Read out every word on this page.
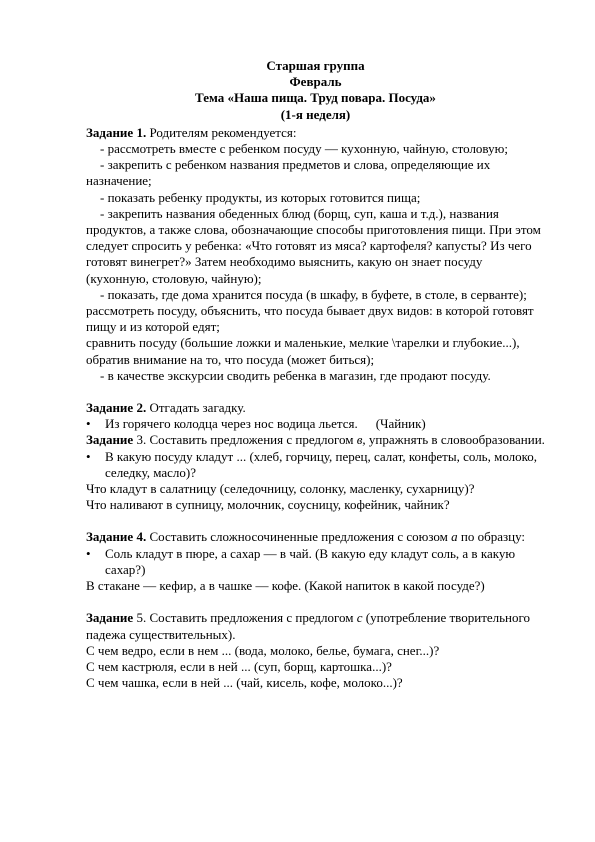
Старшая группа

Февраль

Тема «Наша пища. Труд повара. Посуда»

(1-я неделя)

Задание 1. Родителям рекомендуется:

- рассмотреть вместе с ребенком посуду — кухонную, чайную, столовую;

- закрепить с ребенком названия предметов и слова, определяющие их назначение;

- показать ребенку продукты, из которых готовится пища;

- закрепить названия обеденных блюд (борщ, суп, каша и т.д.), названия продуктов, а также слова, обозначающие способы приготовления пищи. При этом следует спросить у ребенка: «Что готовят из мяса? картофеля? капусты? Из чего готовят винегрет?» Затем необходимо выяснить, какую он знает посуду (кухонную, столовую, чайную);

- показать, где дома хранится посуда (в шкафу, в буфете, в столе, в серванте);

рассмотреть посуду, объяснить, что посуда бывает двух видов: в которой готовят пищу и из которой едят;

сравнить посуду (большие ложки и маленькие, мелкие \тарелки и глубокие...), обратив внимание на то, что посуда (может биться);

- в качестве экскурсии сводить ребенка в магазин, где продают посуду.

Задание 2. Отгадать загадку.

• Из горячего колодца через нос водица льется. (Чайник)

Задание 3. Составить предложения с предлогом в, упражнять в словообразовании.

• В какую посуду кладут ... (хлеб, горчицу, перец, салат, конфеты, соль, молоко, селедку, масло)?

Что кладут в салатницу (селедочницу, солонку, масленку, сухарницу)?

Что наливают в супницу, молочник, соусницу, кофейник, чайник?

Задание 4. Составить сложносочиненные предложения с союзом а по образцу:

• Соль кладут в пюре, а сахар — в чай. (В какую еду кладут соль, а в какую сахар?)

В стакане — кефир, а в чашке — кофе. (Какой напиток в какой посуде?)

Задание 5. Составить предложения с предлогом с (употребление творительного падежа существительных).

С чем ведро, если в нем ... (вода, молоко, белье, бумага, снег...)?

С чем кастрюля, если в ней ... (суп, борщ, картошка...)?

С чем чашка, если в ней ... (чай, кисель, кофе, молоко...)?
